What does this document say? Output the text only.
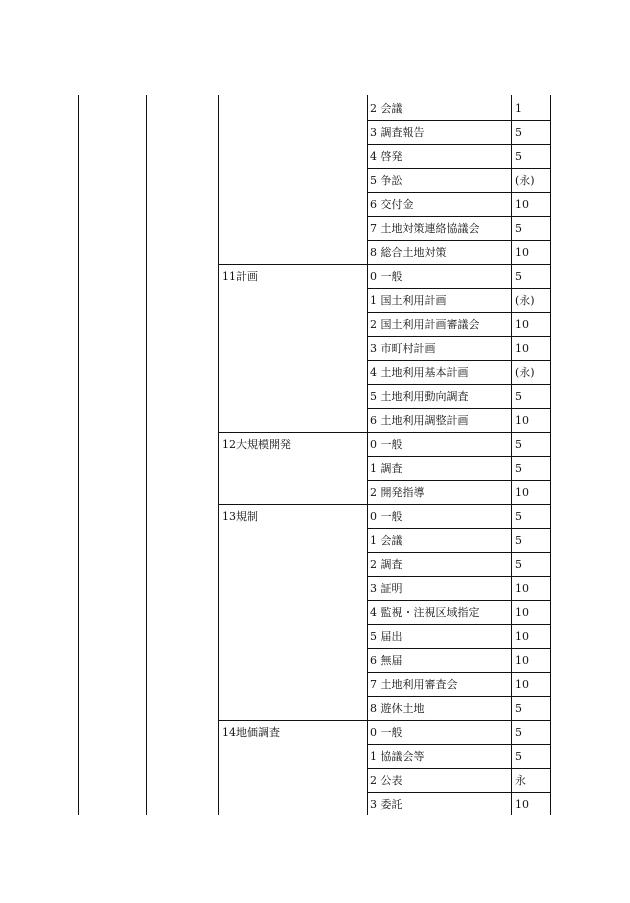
2 会議	1
3 調査報告	5
4 啓発	5
5 争訟	(永)
6 交付金	10
7 土地対策連絡協議会	5
8 総合土地対策	10
11計画	0 一般	5
1 国土利用計画	(永)
2 国土利用計画審議会	10
3 市町村計画	10
4 土地利用基本計画	(永)
5 土地利用動向調査	5
6 土地利用調整計画	10
12大規模開発	0 一般	5
1 調査	5
2 開発指導	10
13規制	0 一般	5
1 会議	5
2 調査	5
3 証明	10
4 監視・注視区域指定	10
5 届出	10
6 無届	10
7 土地利用審査会	10
8 遊休土地	5
14地価調査	0 一般	5
1 協議会等	5
2 公表	永
3 委託	10
